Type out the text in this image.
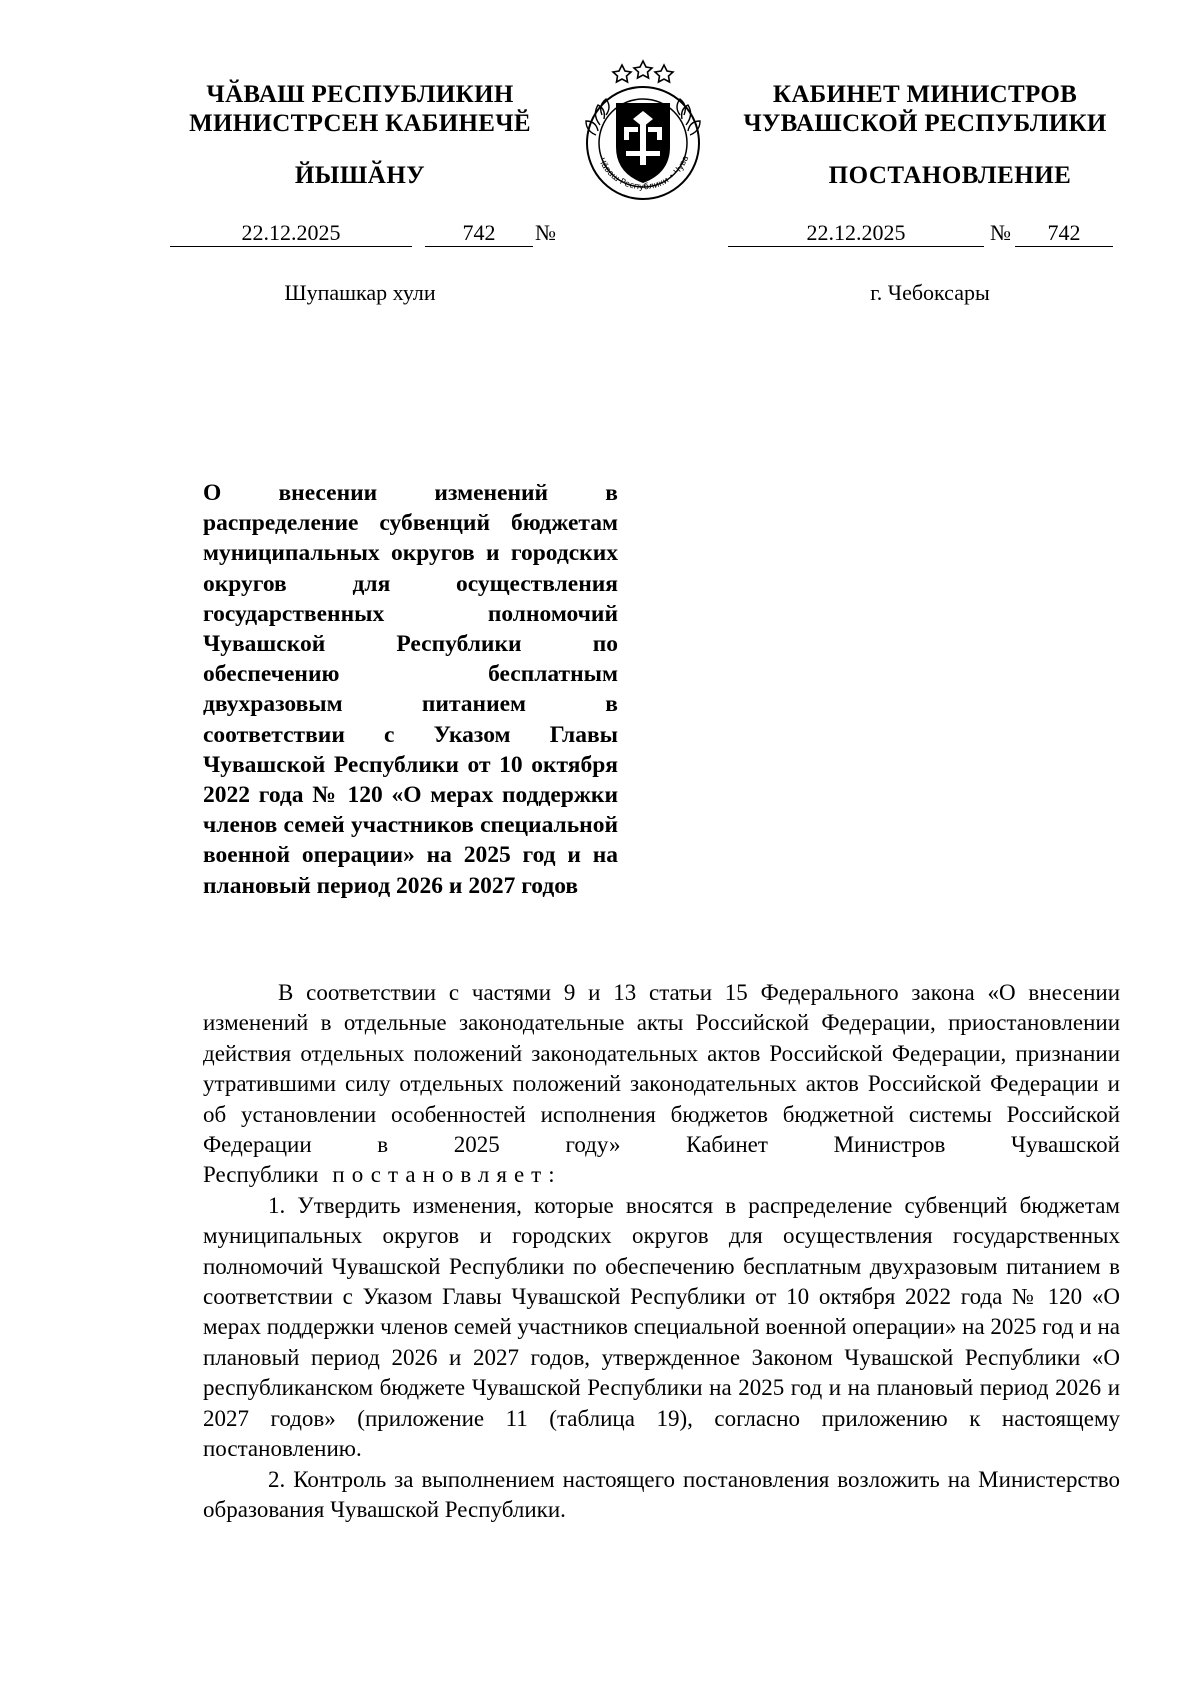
ЧӐВАШ РЕСПУБЛИКИН
МИНИСТРСЕН КАБИНЕЧӖ
ЙЫШӐНУ
КАБИНЕТ МИНИСТРОВ
ЧУВАШСКОЙ РЕСПУБЛИКИ
ПОСТАНОВЛЕНИЕ
Чӑваш Республики • Чува
22.12.2025	742	№	22.12.2025	№	742
Шупашкар хули	г. Чебоксары

О внесении изменений в распределение субвенций бюджетам муниципальных округов и городских округов для осуществления государственных полномочий Чувашской Республики по обеспечению бесплатным двухразовым питанием в соответствии с Указом Главы Чувашской Республики от 10 октября 2022 года № 120 «О мерах поддержки членов семей участников специальной военной операции» на 2025 год и на плановый период 2026 и 2027 годов

В соответствии с частями 9 и 13 статьи 15 Федерального закона «О внесении изменений в отдельные законодательные акты Российской Федерации, приостановлении действия отдельных положений законодательных актов Российской Федерации, признании утратившими силу отдельных положений законодательных актов Российской Федерации и об установлении особенностей исполнения бюджетов бюджетной системы Российской Федерации в 2025 году» Кабинет Министров Чувашской Республики постановляет:

1. Утвердить изменения, которые вносятся в распределение субвенций бюджетам муниципальных округов и городских округов для осуществления государственных полномочий Чувашской Республики по обеспечению бесплатным двухразовым питанием в соответствии с Указом Главы Чувашской Республики от 10 октября 2022 года № 120 «О мерах поддержки членов семей участников специальной военной операции» на 2025 год и на плановый период 2026 и 2027 годов, утвержденное Законом Чувашской Республики «О республиканском бюджете Чувашской Республики на 2025 год и на плановый период 2026 и 2027 годов» (приложение 11 (таблица 19), согласно приложению к настоящему постановлению.

2. Контроль за выполнением настоящего постановления возложить на Министерство образования Чувашской Республики.
